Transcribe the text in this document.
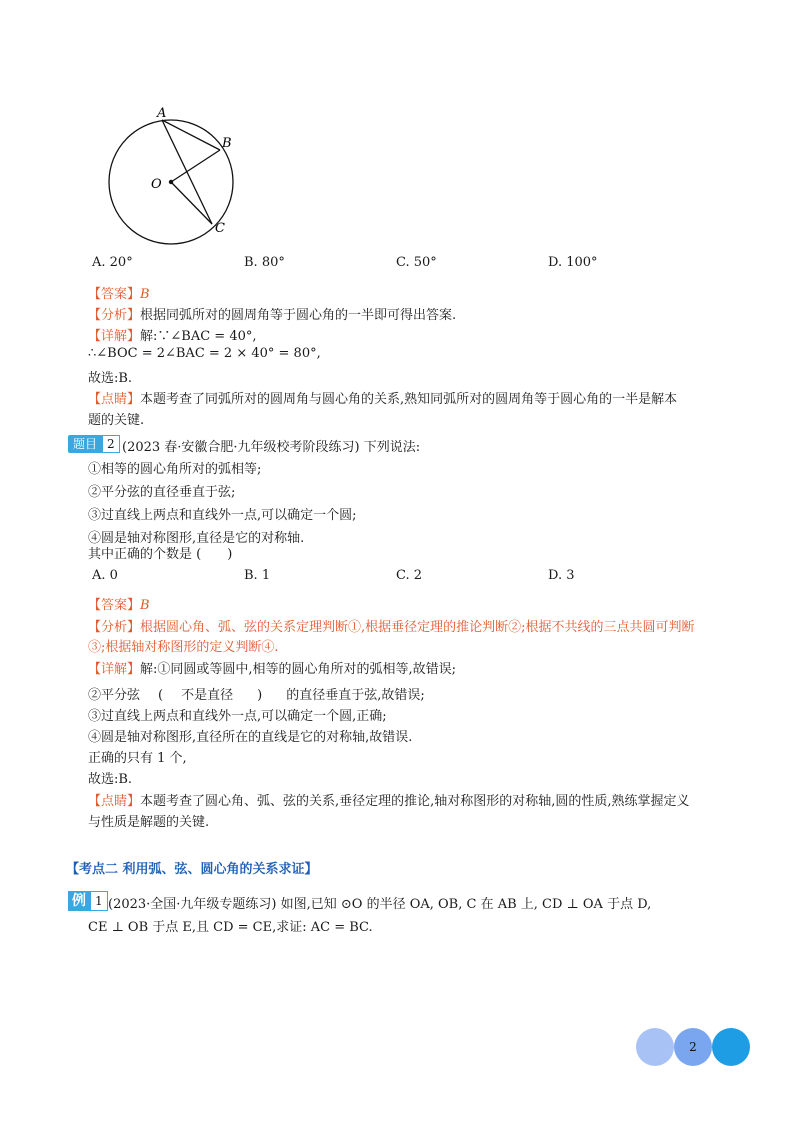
A
B
O
C
A. 20°	B. 80°	C. 50°	D. 100°
【答案】B
【分析】根据同弧所对的圆周角等于圆心角的一半即可得出答案.
【详解】解:∵∠BAC = 40°,
∴∠BOC = 2∠BAC = 2 × 40° = 80°,
故选:B.
【点睛】本题考查了同弧所对的圆周角与圆心角的关系,熟知同弧所对的圆周角等于圆心角的一半是解本
题的关键.
题目 2 (2023 春·安徽合肥·九年级校考阶段练习) 下列说法:
①相等的圆心角所对的弧相等;
②平分弦的直径垂直于弦;
③过直线上两点和直线外一点,可以确定一个圆;
④圆是轴对称图形,直径是它的对称轴.
其中正确的个数是 (　　)
A. 0	B. 1	C. 2	D. 3
【答案】B
【分析】根据圆心角、弧、弦的关系定理判断①,根据垂径定理的推论判断②;根据不共线的三点共圆可判断
③;根据轴对称图形的定义判断④.
【详解】解:①同圆或等圆中,相等的圆心角所对的弧相等,故错误;
②平分弦 ( 不是直径 ) 的直径垂直于弦,故错误;
③过直线上两点和直线外一点,可以确定一个圆,正确;
④圆是轴对称图形,直径所在的直线是它的对称轴,故错误.
正确的只有 1 个,
故选:B.
【点睛】本题考查了圆心角、弧、弦的关系,垂径定理的推论,轴对称图形的对称轴,圆的性质,熟练掌握定义
与性质是解题的关键.
【考点二 利用弧、弦、圆心角的关系求证】
例 1 (2023·全国·九年级专题练习) 如图,已知 ⊙O 的半径 OA, OB, C 在 AB 上, CD ⊥ OA 于点 D,
CE ⊥ OB 于点 E,且 CD = CE,求证: AC = BC.
2
